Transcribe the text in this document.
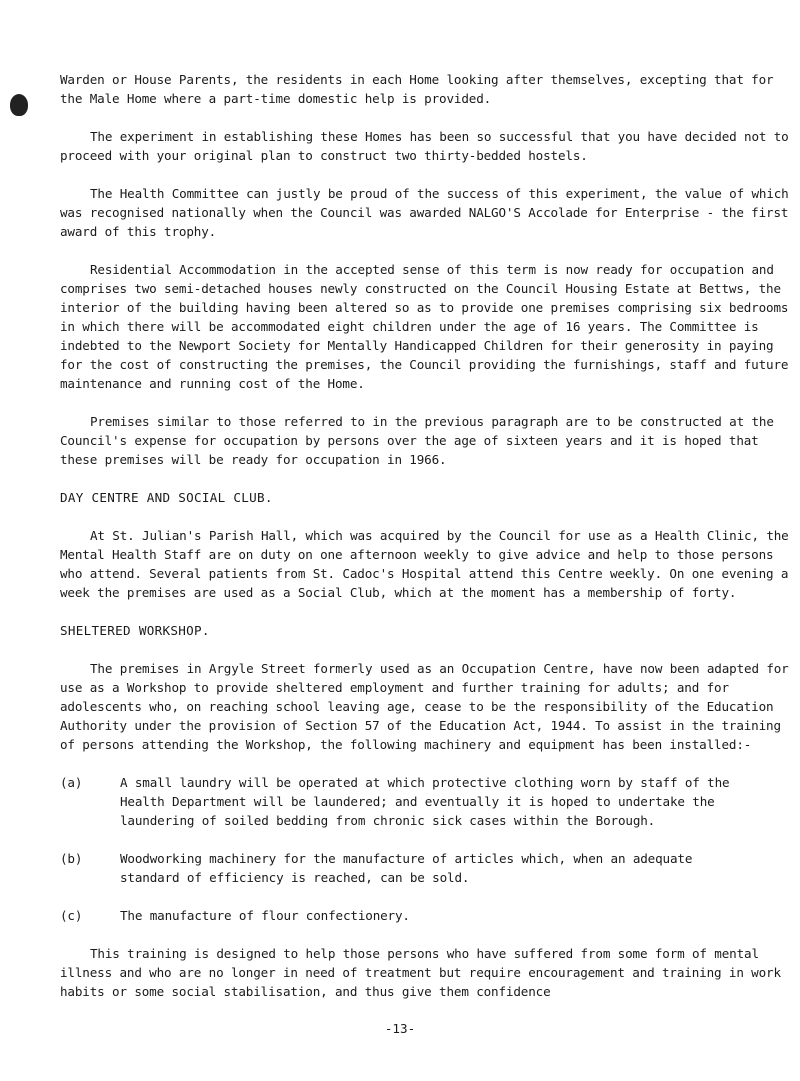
Warden or House Parents, the residents in each Home looking after themselves, excepting that for the Male Home where a part-time domestic help is provided.

The experiment in establishing these Homes has been so successful that you have decided not to proceed with your original plan to construct two thirty-bedded hostels.

The Health Committee can justly be proud of the success of this experiment, the value of which was recognised nationally when the Council was awarded NALGO'S Accolade for Enterprise - the first award of this trophy.

Residential Accommodation in the accepted sense of this term is now ready for occupation and comprises two semi-detached houses newly constructed on the Council Housing Estate at Bettws, the interior of the building having been altered so as to provide one premises comprising six bedrooms in which there will be accommodated eight children under the age of 16 years. The Committee is indebted to the Newport Society for Mentally Handicapped Children for their generosity in paying for the cost of constructing the premises, the Council providing the furnishings, staff and future maintenance and running cost of the Home.

Premises similar to those referred to in the previous paragraph are to be constructed at the Council's expense for occupation by persons over the age of sixteen years and it is hoped that these premises will be ready for occupation in 1966.

DAY CENTRE AND SOCIAL CLUB.

At St. Julian's Parish Hall, which was acquired by the Council for use as a Health Clinic, the Mental Health Staff are on duty on one afternoon weekly to give advice and help to those persons who attend. Several patients from St. Cadoc's Hospital attend this Centre weekly. On one evening a week the premises are used as a Social Club, which at the moment has a membership of forty.

SHELTERED WORKSHOP.

The premises in Argyle Street formerly used as an Occupation Centre, have now been adapted for use as a Workshop to provide sheltered employment and further training for adults; and for adolescents who, on reaching school leaving age, cease to be the responsibility of the Education Authority under the provision of Section 57 of the Education Act, 1944. To assist in the training of persons attending the Workshop, the following machinery and equipment has been installed:-

(a)	A small laundry will be operated at which protective clothing worn by staff of the Health Department will be laundered; and eventually it is hoped to undertake the laundering of soiled bedding from chronic sick cases within the Borough.
(b)	Woodworking machinery for the manufacture of articles which, when an adequate standard of efficiency is reached, can be sold.
(c)	The manufacture of flour confectionery.

This training is designed to help those persons who have suffered from some form of mental illness and who are no longer in need of treatment but require encouragement and training in work habits or some social stabilisation, and thus give them confidence

-13-
